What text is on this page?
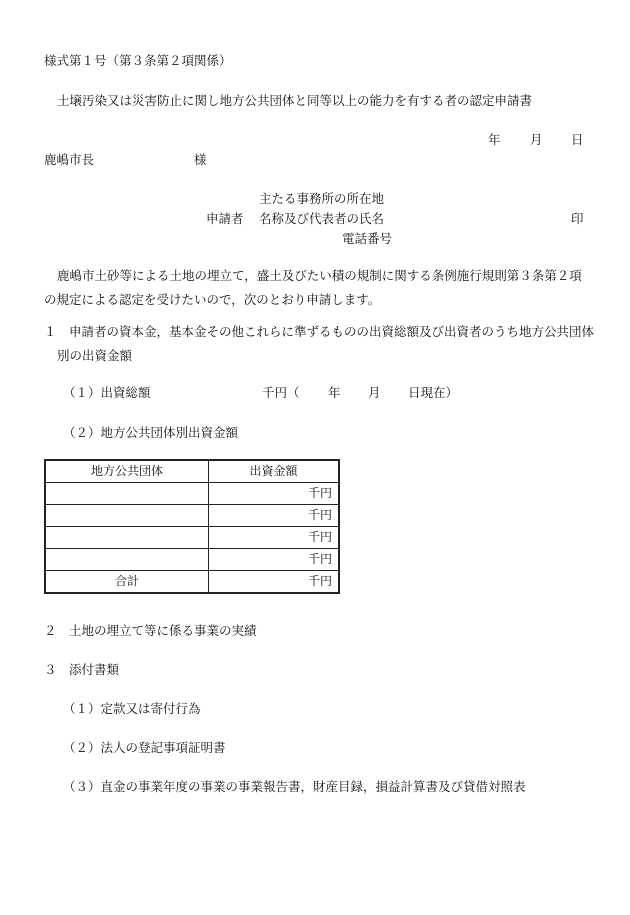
様式第１号（第３条第２項関係）
土壌汚染又は災害防止に関し地方公共団体と同等以上の能力を有する者の認定申請書
年 月 日
鹿嶋市長	様
主たる事務所の所在地
申請者 名称及び代表者の氏名	印
電話番号
鹿嶋市土砂等による土地の埋立て，盛土及びたい積の規制に関する条例施行規則第３条第２項の規定による認定を受けたいので，次のとおり申請します。
１　申請者の資本金，基本金その他これらに準ずるものの出資総額及び出資者のうち地方公共団体別の出資金額
（１）出資総額	千円（ 年 月 日現在）
（２）地方公共団体別出資金額
地方公共団体	出資金額
	千円
	千円
	千円
	千円
合計	千円
２　土地の埋立て等に係る事業の実績
３　添付書類
（１）定款又は寄付行為
（２）法人の登記事項証明書
（３）直金の事業年度の事業の事業報告書，財産目録，損益計算書及び貸借対照表
